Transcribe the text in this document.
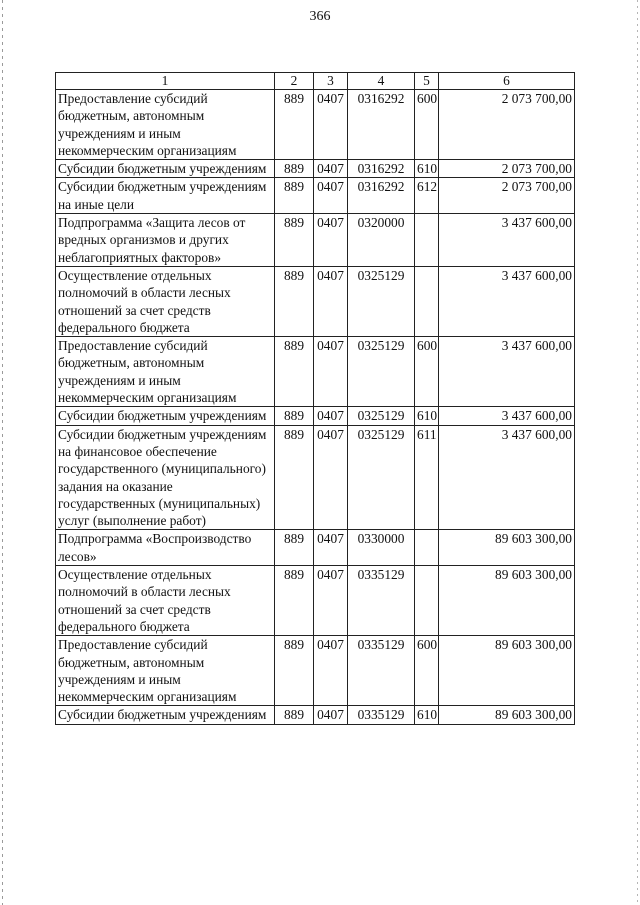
366
1	2	3	4	5	6
Предоставление субсидий бюджетным, автономным учреждениям и иным некоммерческим организациям	889	0407	0316292	600	2 073 700,00
Субсидии бюджетным учреждениям	889	0407	0316292	610	2 073 700,00
Субсидии бюджетным учреждениям на иные цели	889	0407	0316292	612	2 073 700,00
Подпрограмма «Защита лесов от вредных организмов и других неблагоприятных факторов»	889	0407	0320000		3 437 600,00
Осуществление отдельных полномочий в области лесных отношений за счет средств федерального бюджета	889	0407	0325129		3 437 600,00
Предоставление субсидий бюджетным, автономным учреждениям и иным некоммерческим организациям	889	0407	0325129	600	3 437 600,00
Субсидии бюджетным учреждениям	889	0407	0325129	610	3 437 600,00
Субсидии бюджетным учреждениям на финансовое обеспечение государственного (муниципального) задания на оказание государственных (муниципальных) услуг (выполнение работ)	889	0407	0325129	611	3 437 600,00
Подпрограмма «Воспроизводство лесов»	889	0407	0330000		89 603 300,00
Осуществление отдельных полномочий в области лесных отношений за счет средств федерального бюджета	889	0407	0335129		89 603 300,00
Предоставление субсидий бюджетным, автономным учреждениям и иным некоммерческим организациям	889	0407	0335129	600	89 603 300,00
Субсидии бюджетным учреждениям	889	0407	0335129	610	89 603 300,00
